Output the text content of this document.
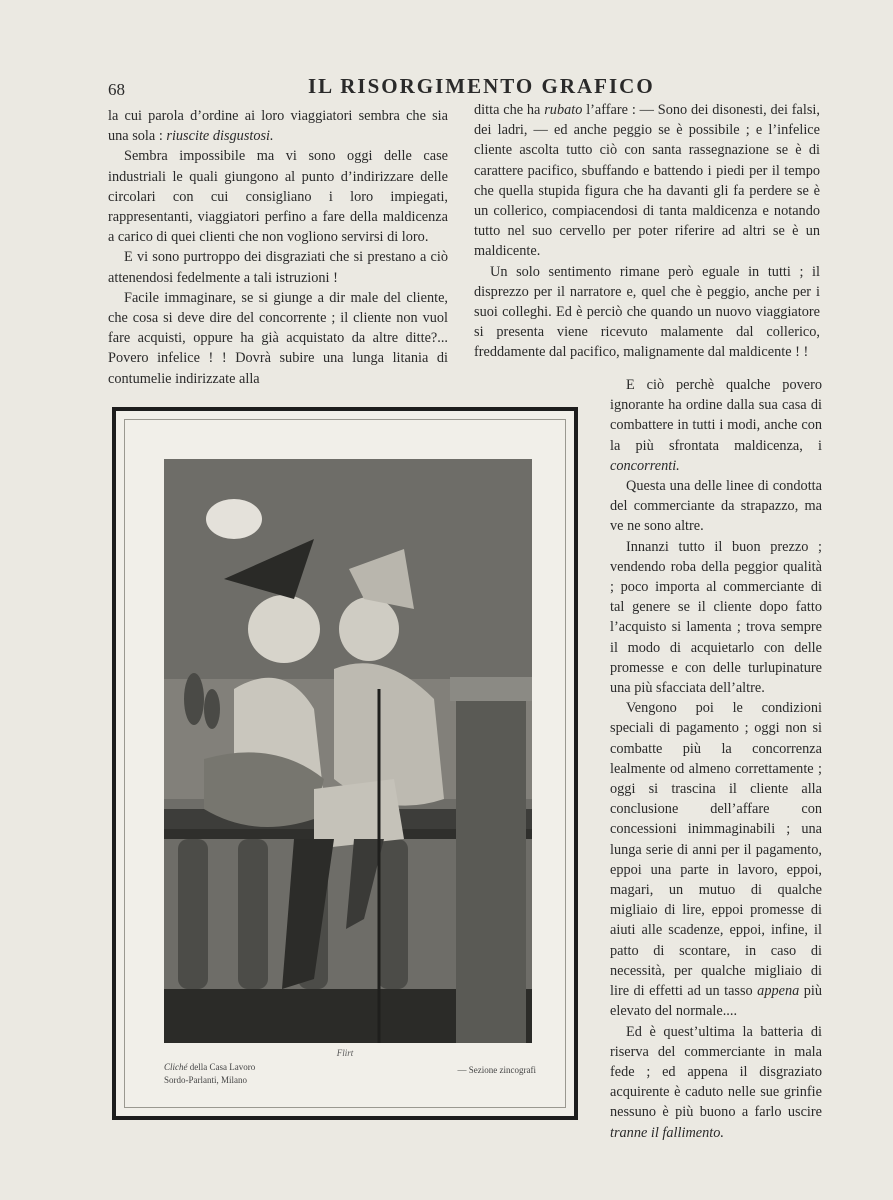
68	IL RISORGIMENTO GRAFICO

la cui parola d’ordine ai loro viaggiatori sembra che sia una sola : riuscite disgustosi.

Sembra impossibile ma vi sono oggi delle case industriali le quali giungono al punto d’indirizzare delle circolari con cui consigliano i loro impiegati, rappresentanti, viaggiatori perfino a fare della maldicenza a carico di quei clienti che non vogliono servirsi di loro.

E vi sono purtroppo dei disgraziati che si prestano a ciò attenendosi fedelmente a tali istruzioni !

Facile immaginare, se si giunge a dir male del cliente, che cosa si deve dire del concorrente ; il cliente non vuol fare acquisti, oppure ha già acquistato da altre ditte?... Povero infelice ! ! Dovrà subire una lunga litania di contumelie indirizzate alla

ditta che ha rubato l’affare : — Sono dei disonesti, dei falsi, dei ladri, — ed anche peggio se è possibile ; e l’infelice cliente ascolta tutto ciò con santa rassegnazione se è di carattere pacifico, sbuffando e battendo i piedi per il tempo che quella stupida figura che ha davanti gli fa perdere se è un collerico, compiacendosi di tanta maldicenza e notando tutto nel suo cervello per poter riferire ad altri se è un maldicente.

Un solo sentimento rimane però eguale in tutti ; il disprezzo per il narratore e, quel che è peggio, anche per i suoi colleghi. Ed è perciò che quando un nuovo viaggiatore si presenta viene ricevuto malamente dal collerico, freddamente dal pacifico, malignamente dal maldicente ! !

E ciò perchè qualche povero ignorante ha ordine dalla sua casa di combattere in tutti i modi, anche con la più sfrontata maldicenza, i concorrenti.

Questa una delle linee di condotta del commerciante da strapazzo, ma ve ne sono altre.

Innanzi tutto il buon prezzo ; vendendo roba della peggior qualità ; poco importa al commerciante di tal genere se il cliente dopo fatto l’acquisto si lamenta ; trova sempre il modo di acquietarlo con delle promesse e con delle turlupinature una più sfacciata dell’altre.

Vengono poi le condizioni speciali di pagamento ; oggi non si combatte più la concorrenza lealmente od almeno correttamente ; oggi si trascina il cliente alla conclusione dell’affare con concessioni inimmaginabili ; una lunga serie di anni per il pagamento, eppoi una parte in lavoro, eppoi, magari, un mutuo di qualche migliaio di lire, eppoi promesse di aiuti alle scadenze, eppoi, infine, il patto di scontare, in caso di necessità, per qualche migliaio di lire di effetti ad un tasso appena più elevato del normale....

Ed è quest’ultima la batteria di riserva del commerciante in mala fede ; ed appena il disgraziato acquirente è caduto nelle sue grinfie nessuno è più buono a farlo uscire tranne il fallimento.

Flirt
Cliché della Casa Lavoro
Sordo-Parlanti, Milano
— Sezione zincografi
